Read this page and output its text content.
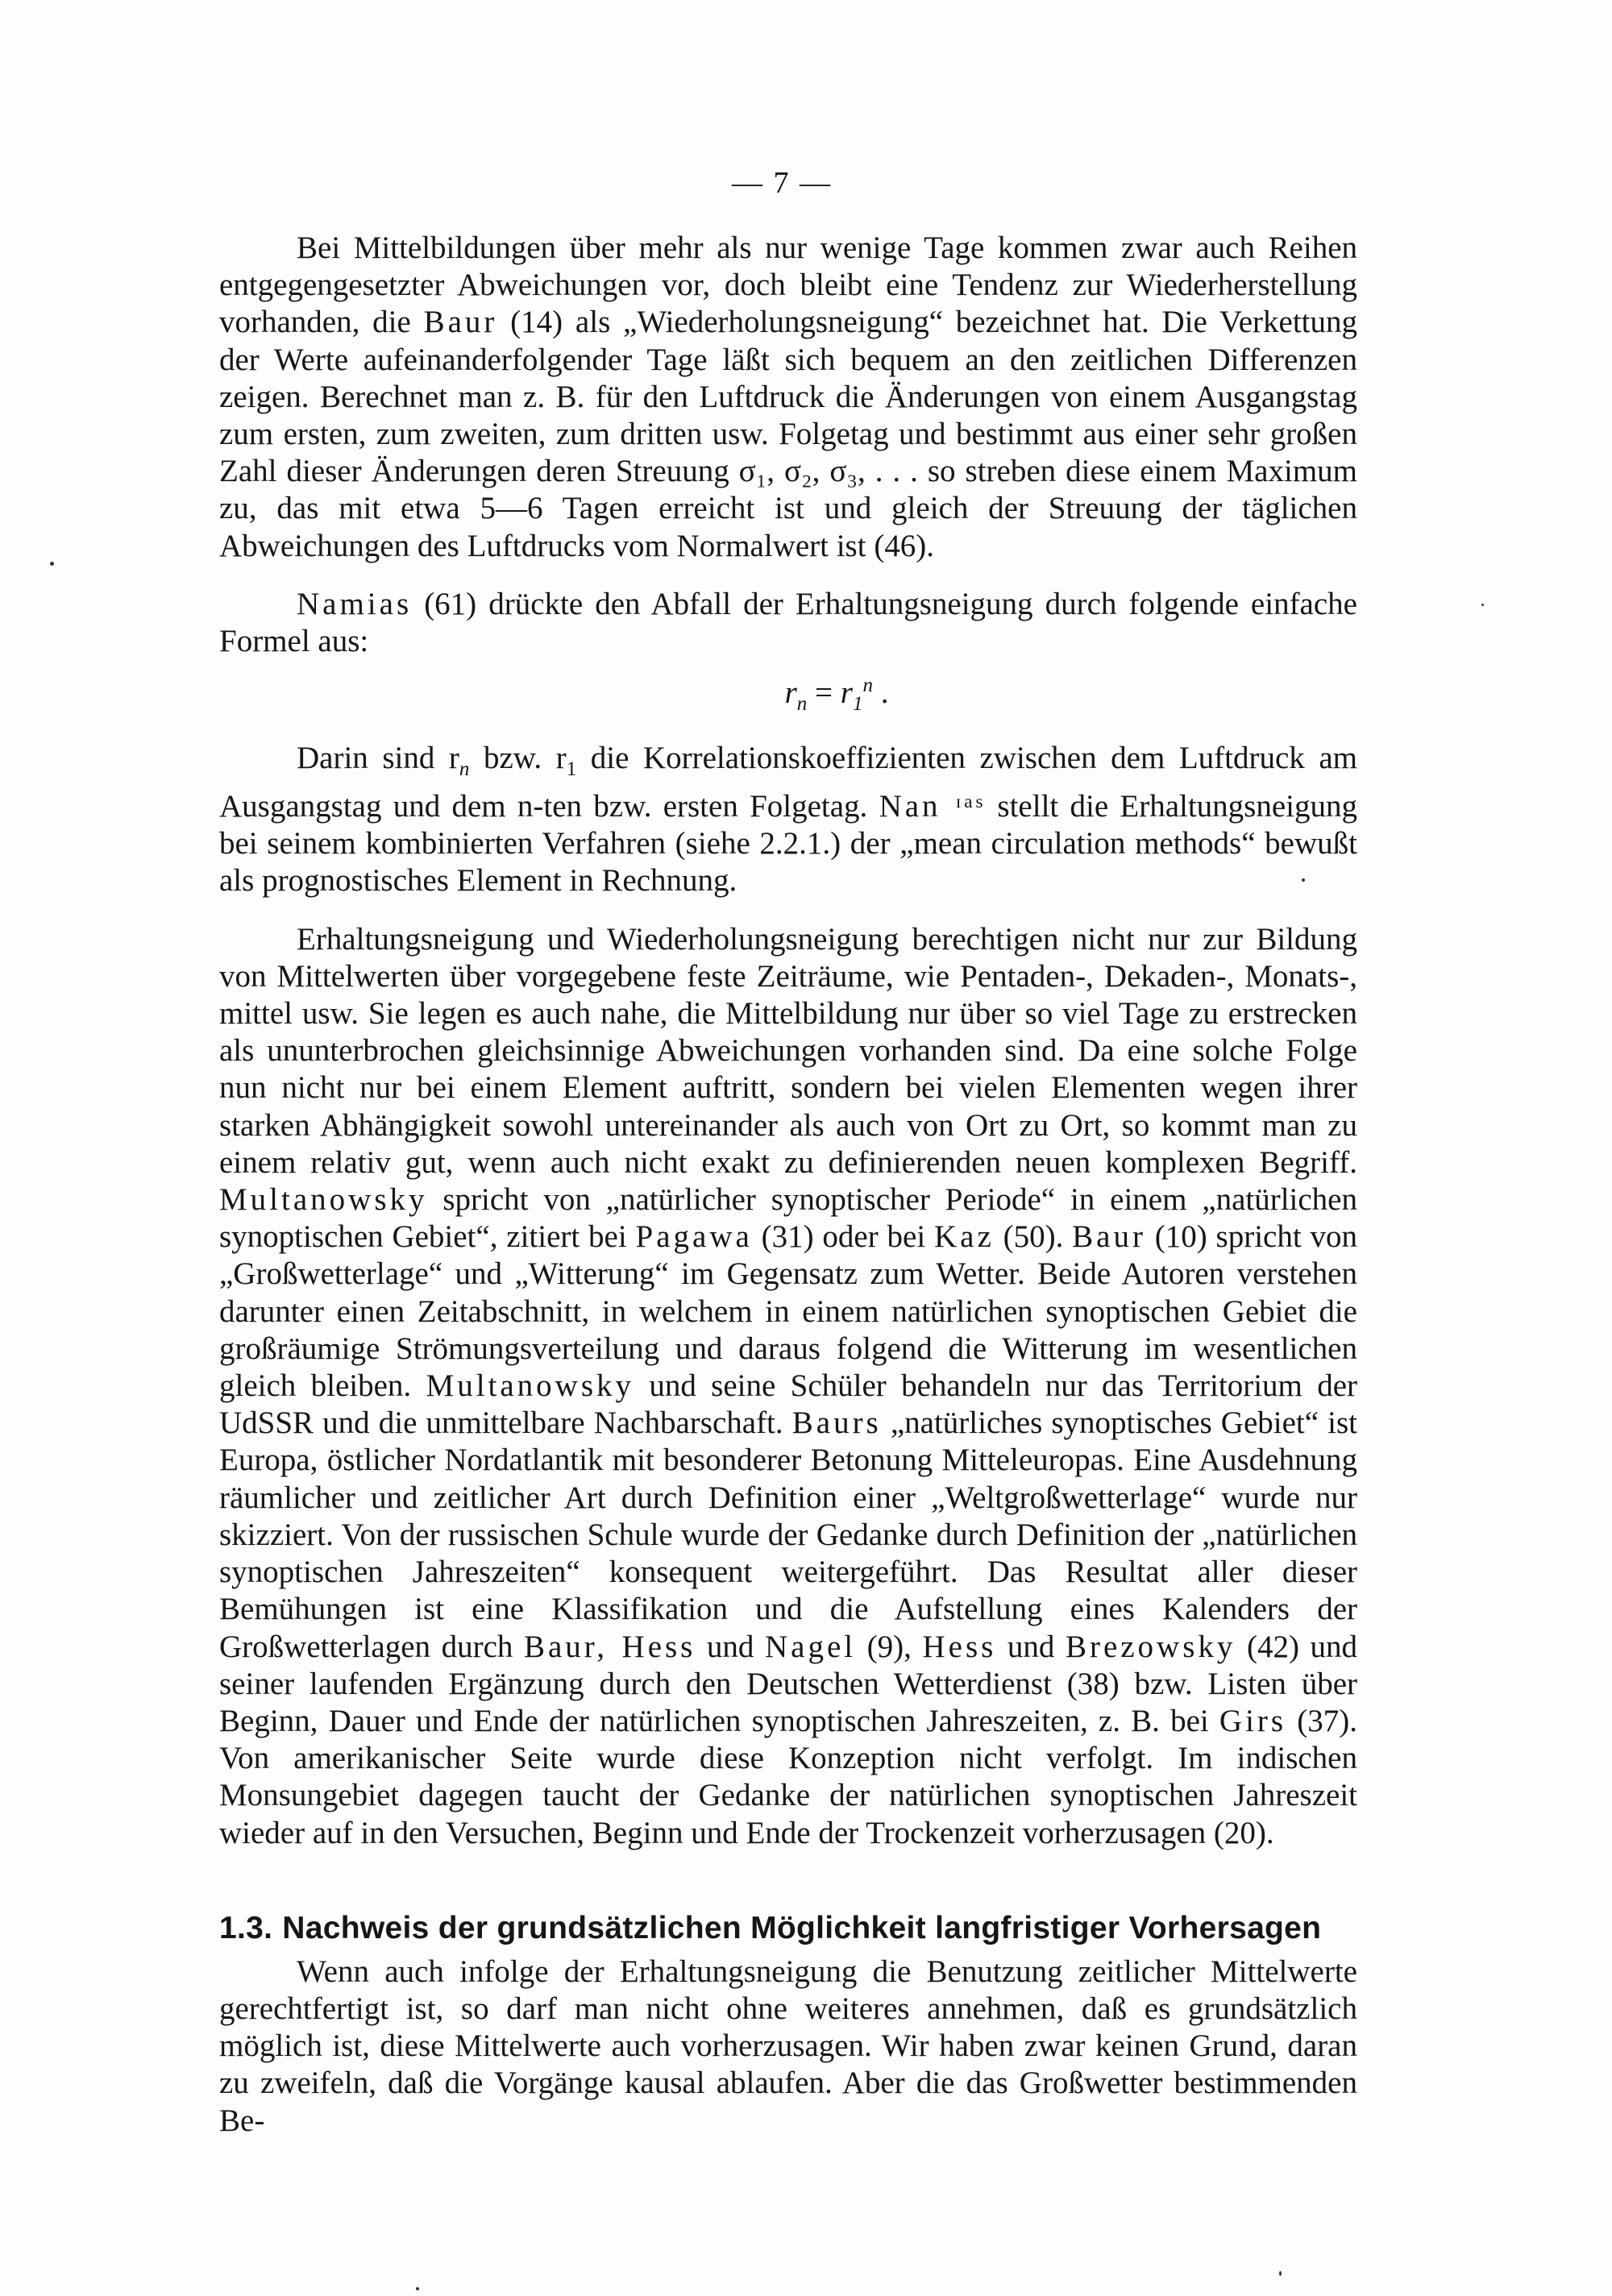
— 7 —

Bei Mittelbildungen über mehr als nur wenige Tage kommen zwar auch Reihen entgegengesetzter Abweichungen vor, doch bleibt eine Tendenz zur Wiederherstellung vorhanden, die Baur (14) als „Wiederholungsneigung“ bezeichnet hat. Die Verkettung der Werte aufeinanderfolgender Tage läßt sich bequem an den zeitlichen Differenzen zeigen. Berechnet man z. B. für den Luftdruck die Änderungen von einem Ausgangstag zum ersten, zum zweiten, zum dritten usw. Folgetag und bestimmt aus einer sehr großen Zahl dieser Änderungen deren Streuung σ₁, σ₂, σ₃, . . . so streben diese einem Maximum zu, das mit etwa 5—6 Tagen erreicht ist und gleich der Streuung der täglichen Abweichungen des Luftdrucks vom Normalwert ist (46).

Namias (61) drückte den Abfall der Erhaltungsneigung durch folgende einfache Formel aus:

$r_n = r_1^n$ .

Darin sind $r_n$ bzw. $r_1$ die Korrelationskoeffizienten zwischen dem Luftdruck am Ausgangstag und dem n-ten bzw. ersten Folgetag. Nan ᶦᵃˢ stellt die Erhaltungsneigung bei seinem kombinierten Verfahren (siehe 2.2.1.) der „mean circulation methods“ bewußt als prognostisches Element in Rechnung.

Erhaltungsneigung und Wiederholungsneigung berechtigen nicht nur zur Bildung von Mittelwerten über vorgegebene feste Zeiträume, wie Pentaden-, Dekaden-, Monats-, mittel usw. Sie legen es auch nahe, die Mittelbildung nur über so viel Tage zu erstrecken als ununterbrochen gleichsinnige Abweichungen vorhanden sind. Da eine solche Folge nun nicht nur bei einem Element auftritt, sondern bei vielen Elementen wegen ihrer starken Abhängigkeit sowohl untereinander als auch von Ort zu Ort, so kommt man zu einem relativ gut, wenn auch nicht exakt zu definierenden neuen komplexen Begriff. Multanowsky spricht von „natürlicher synoptischer Periode“ in einem „natürlichen synoptischen Gebiet“, zitiert bei Pagawa (31) oder bei Kaz (50). Baur (10) spricht von „Großwetterlage“ und „Witterung“ im Gegensatz zum Wetter. Beide Autoren verstehen darunter einen Zeitabschnitt, in welchem in einem natürlichen synoptischen Gebiet die großräumige Strömungsverteilung und daraus folgend die Witterung im wesentlichen gleich bleiben. Multanowsky und seine Schüler behandeln nur das Territorium der UdSSR und die unmittelbare Nachbarschaft. Baurs „natürliches synoptisches Gebiet“ ist Europa, östlicher Nordatlantik mit besonderer Betonung Mitteleuropas. Eine Ausdehnung räumlicher und zeitlicher Art durch Definition einer „Weltgroßwetterlage“ wurde nur skizziert. Von der russischen Schule wurde der Gedanke durch Definition der „natürlichen synoptischen Jahreszeiten“ konsequent weitergeführt. Das Resultat aller dieser Bemühungen ist eine Klassifikation und die Aufstellung eines Kalenders der Großwetterlagen durch Baur, Hess und Nagel (9), Hess und Brezowsky (42) und seiner laufenden Ergänzung durch den Deutschen Wetterdienst (38) bzw. Listen über Beginn, Dauer und Ende der natürlichen synoptischen Jahreszeiten, z. B. bei Girs (37). Von amerikanischer Seite wurde diese Konzeption nicht verfolgt. Im indischen Monsungebiet dagegen taucht der Gedanke der natürlichen synoptischen Jahreszeit wieder auf in den Versuchen, Beginn und Ende der Trockenzeit vorherzusagen (20).

1.3. Nachweis der grundsätzlichen Möglichkeit langfristiger Vorhersagen

Wenn auch infolge der Erhaltungsneigung die Benutzung zeitlicher Mittelwerte gerechtfertigt ist, so darf man nicht ohne weiteres annehmen, daß es grundsätzlich möglich ist, diese Mittelwerte auch vorherzusagen. Wir haben zwar keinen Grund, daran zu zweifeln, daß die Vorgänge kausal ablaufen. Aber die das Großwetter bestimmenden Be-
